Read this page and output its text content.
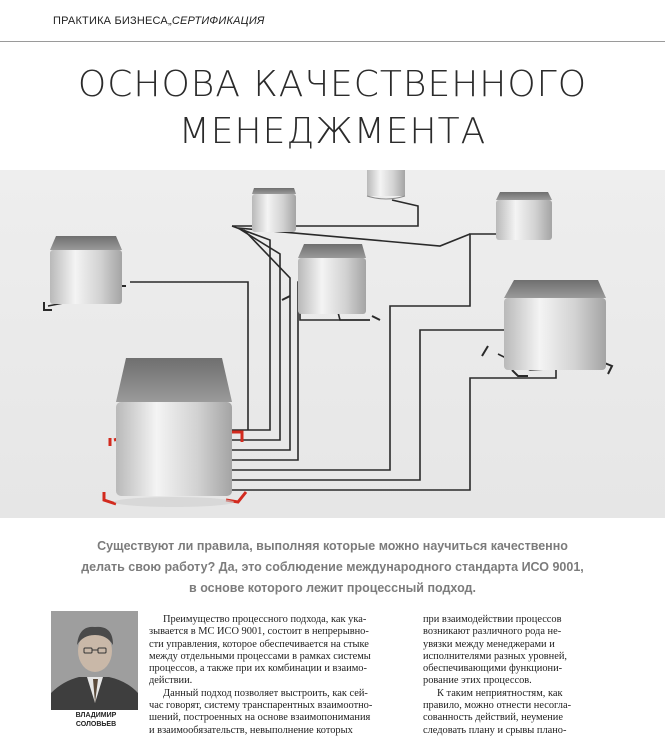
ПРАКТИКА БИЗНЕСА„СЕРТИФИКАЦИЯ
ОСНОВА КАЧЕСТВЕННОГО
МЕНЕДЖМЕНТА
Существуют ли правила, выполняя которые можно научиться качественно
делать свою работу? Да, это соблюдение международного стандарта ИСО 9001,
в основе которого лежит процессный подход.
ВЛАДИМИР
СОЛОВЬЕВ
Преимущество процессного подхода, как ука-
зывается в МС ИСО 9001, состоит в непрерывно-
сти управления, которое обеспечивается на стыке
между отдельными процессами в рамках системы
процессов, а также при их комбинации и взаимо-
действии.
Данный подход позволяет выстроить, как сей-
час говорят, систему транспарентных взаимоотно-
шений, построенных на основе взаимопонимания
и взаимообязательств, невыполнение которых
при взаимодействии процессов
возникают различного рода не-
увязки между менеджерами и
исполнителями разных уровней,
обеспечивающими функциони-
рование этих процессов.
К таким неприятностям, как
правило, можно отнести несогла-
сованность действий, неумение
следовать плану и срывы плано-
